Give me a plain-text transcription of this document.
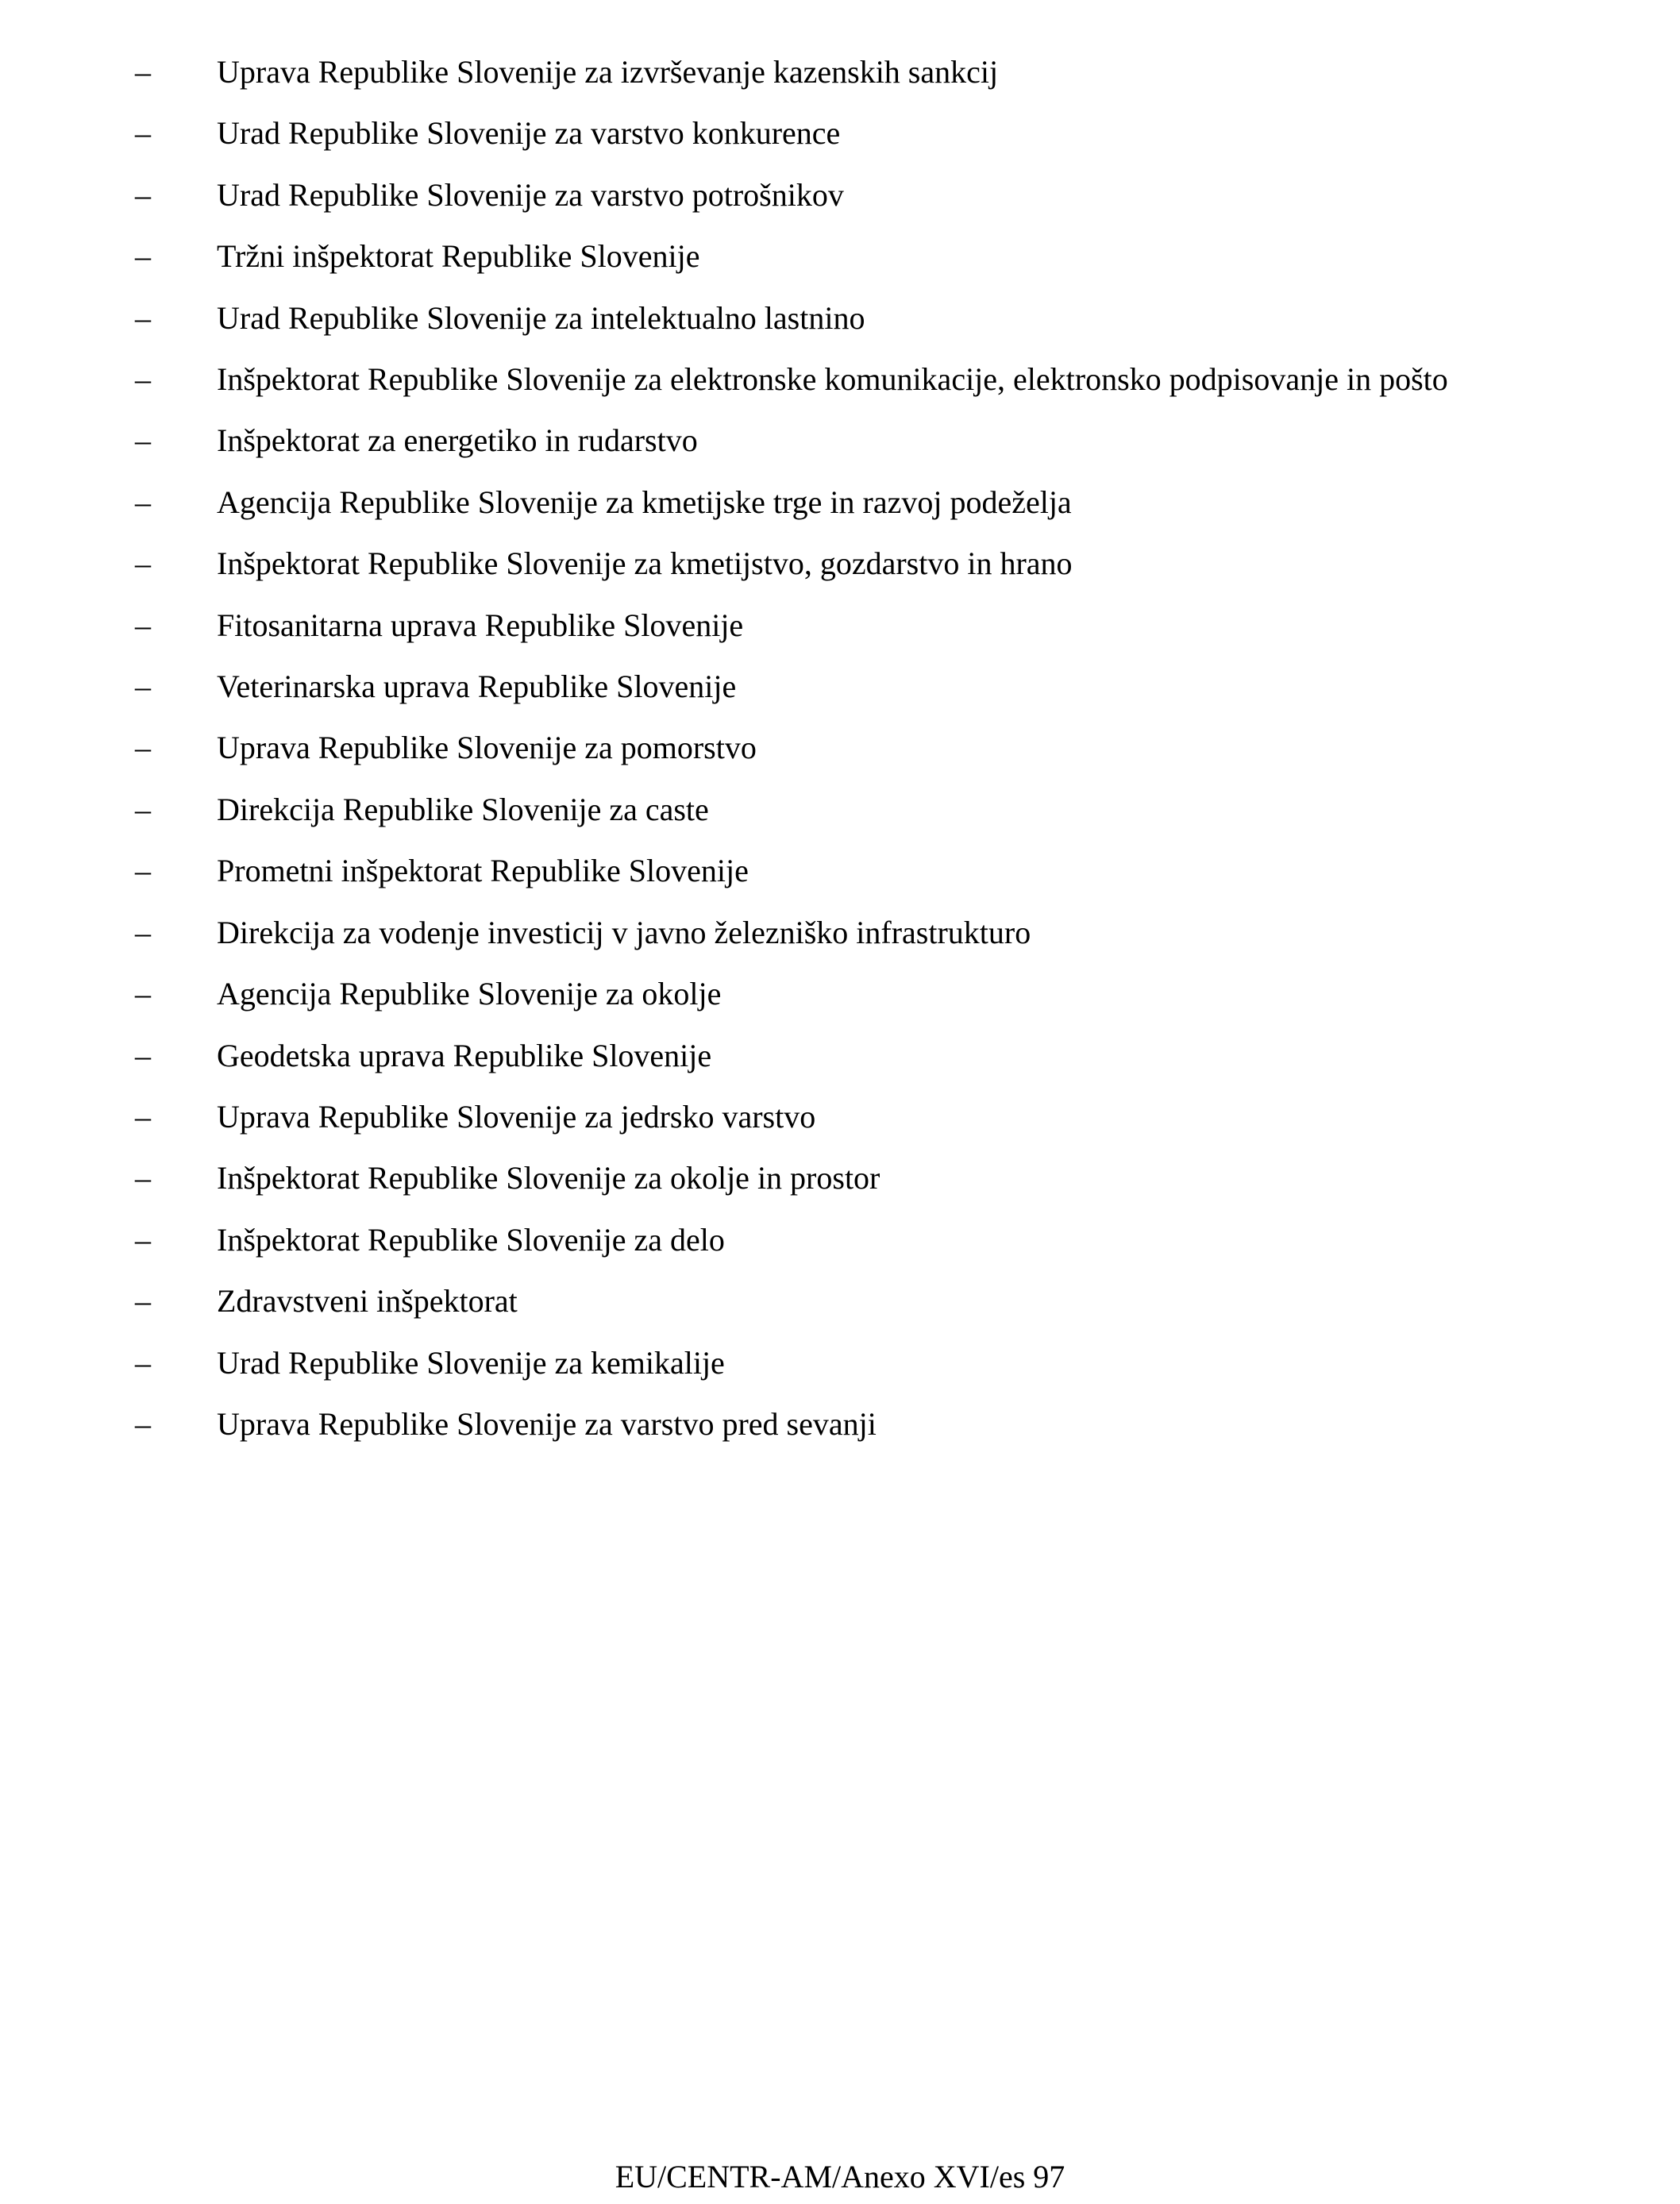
– Uprava Republike Slovenije za izvrševanje kazenskih sankcij
– Urad Republike Slovenije za varstvo konkurence
– Urad Republike Slovenije za varstvo potrošnikov
– Tržni inšpektorat Republike Slovenije
– Urad Republike Slovenije za intelektualno lastnino
– Inšpektorat Republike Slovenije za elektronske komunikacije, elektronsko podpisovanje in pošto
– Inšpektorat za energetiko in rudarstvo
– Agencija Republike Slovenije za kmetijske trge in razvoj podeželja
– Inšpektorat Republike Slovenije za kmetijstvo, gozdarstvo in hrano
– Fitosanitarna uprava Republike Slovenije
– Veterinarska uprava Republike Slovenije
– Uprava Republike Slovenije za pomorstvo
– Direkcija Republike Slovenije za caste
– Prometni inšpektorat Republike Slovenije
– Direkcija za vodenje investicij v javno železniško infrastrukturo
– Agencija Republike Slovenije za okolje
– Geodetska uprava Republike Slovenije
– Uprava Republike Slovenije za jedrsko varstvo
– Inšpektorat Republike Slovenije za okolje in prostor
– Inšpektorat Republike Slovenije za delo
– Zdravstveni inšpektorat
– Urad Republike Slovenije za kemikalije
– Uprava Republike Slovenije za varstvo pred sevanji
EU/CENTR-AM/Anexo XVI/es 97
